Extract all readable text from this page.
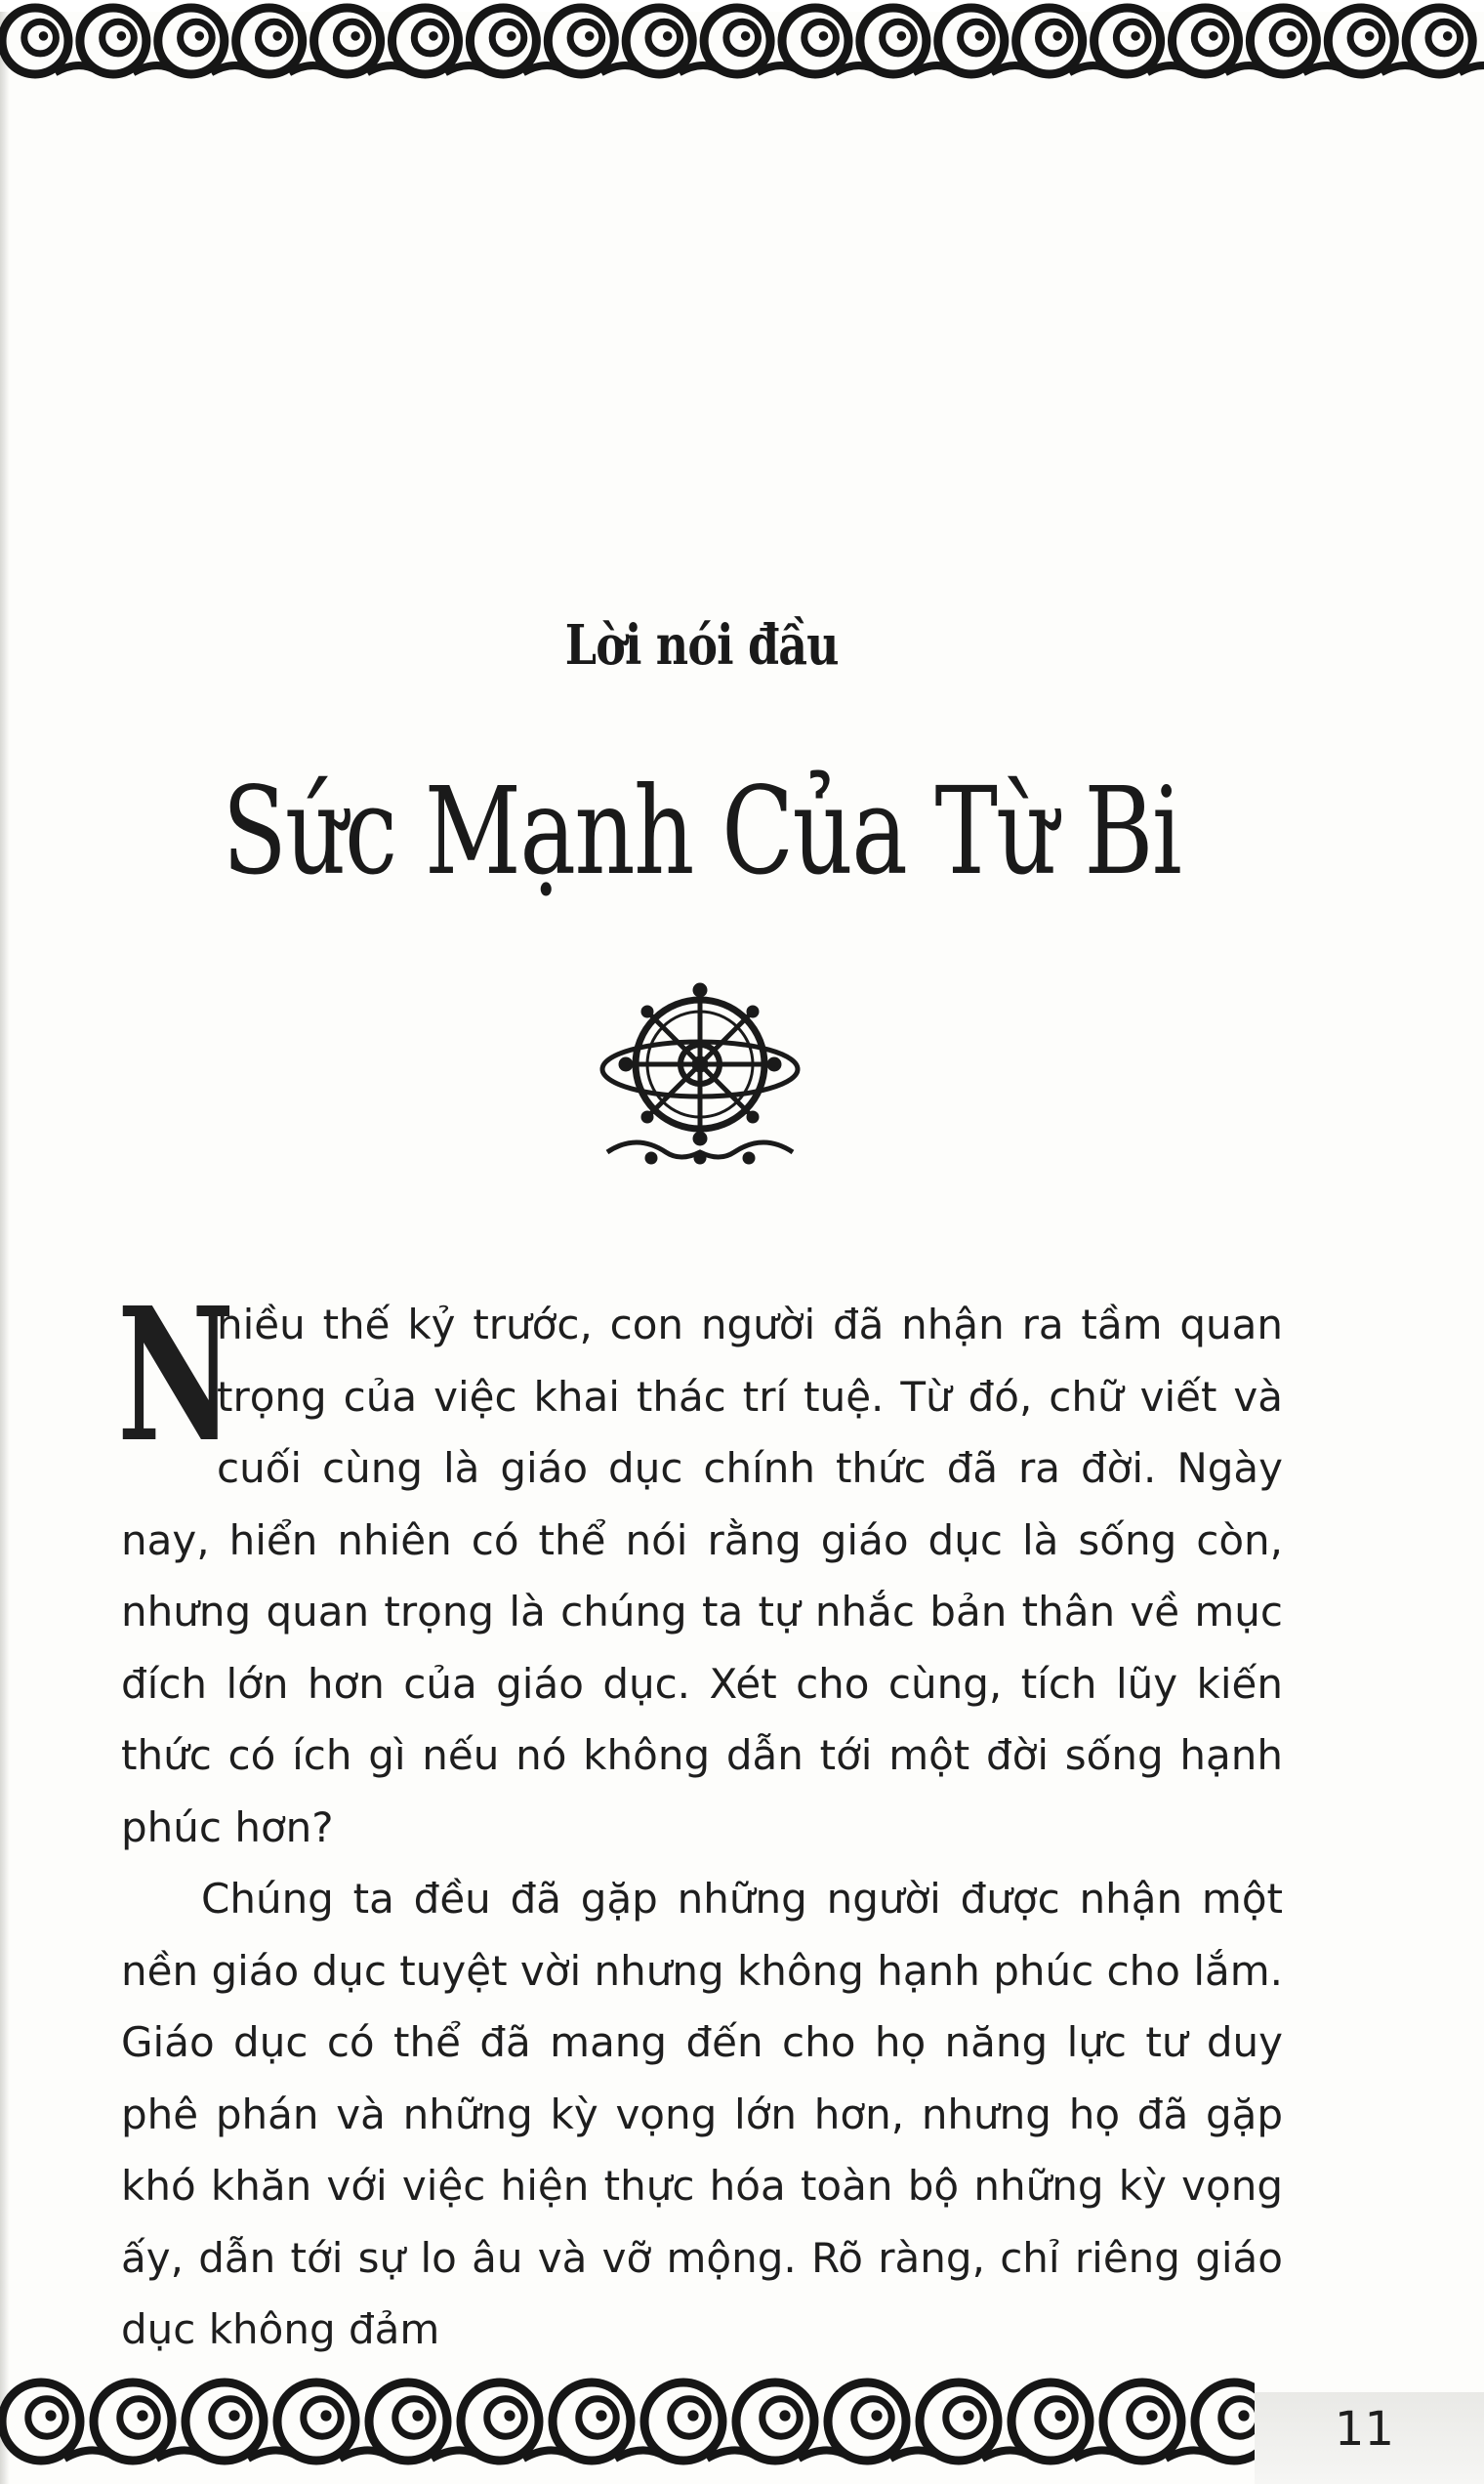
Lời nói đầu
Sức Mạnh Của Từ Bi

N
hiều thế kỷ trước, con người đã nhận ra tầm quan trọng của việc khai thác trí tuệ. Từ đó, chữ viết và cuối cùng là giáo dục chính thức đã ra đời. Ngày nay, hiển nhiên có thể nói rằng giáo dục là sống còn, nhưng quan trọng là chúng ta tự nhắc bản thân về mục đích lớn hơn của giáo dục. Xét cho cùng, tích lũy kiến thức có ích gì nếu nó không dẫn tới một đời sống hạnh phúc hơn?

Chúng ta đều đã gặp những người được nhận một nền giáo dục tuyệt vời nhưng không hạnh phúc cho lắm. Giáo dục có thể đã mang đến cho họ năng lực tư duy phê phán và những kỳ vọng lớn hơn, nhưng họ đã gặp khó khăn với việc hiện thực hóa toàn bộ những kỳ vọng ấy, dẫn tới sự lo âu và vỡ mộng. Rõ ràng, chỉ riêng giáo dục không đảm

11
